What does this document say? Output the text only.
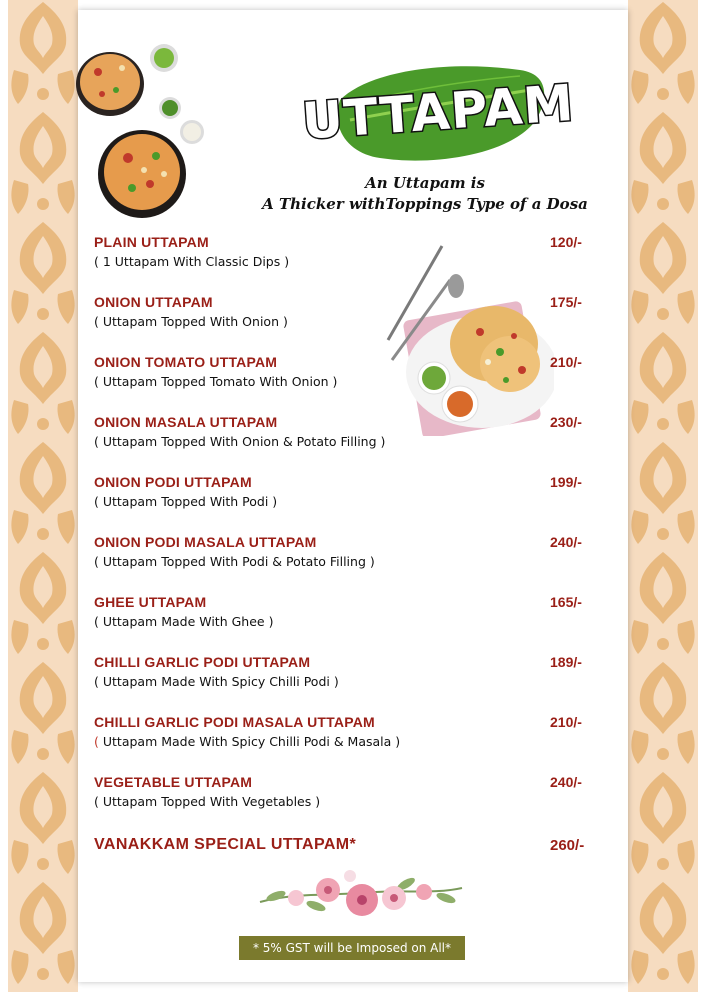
UTTAPAM
An Uttapam is
A Thicker withToppings Type of a Dosa
PLAIN UTTAPAM
( 1 Uttapam With Classic Dips )
120/-
ONION UTTAPAM
( Uttapam Topped With Onion )
175/-
ONION TOMATO UTTAPAM
( Uttapam Topped Tomato With Onion )
210/-
ONION MASALA UTTAPAM
( Uttapam Topped With Onion & Potato Filling )
230/-
ONION PODI UTTAPAM
( Uttapam Topped With Podi )
199/-
ONION PODI MASALA UTTAPAM
( Uttapam Topped With Podi & Potato Filling )
240/-
GHEE UTTAPAM
( Uttapam Made With Ghee )
165/-
CHILLI GARLIC PODI UTTAPAM
( Uttapam Made With Spicy Chilli Podi )
189/-
CHILLI GARLIC PODI MASALA UTTAPAM
( Uttapam Made With Spicy Chilli Podi & Masala )
210/-
VEGETABLE UTTAPAM
( Uttapam Topped With Vegetables )
240/-
VANAKKAM SPECIAL UTTAPAM*	260/-
* 5% GST will be Imposed on All*
